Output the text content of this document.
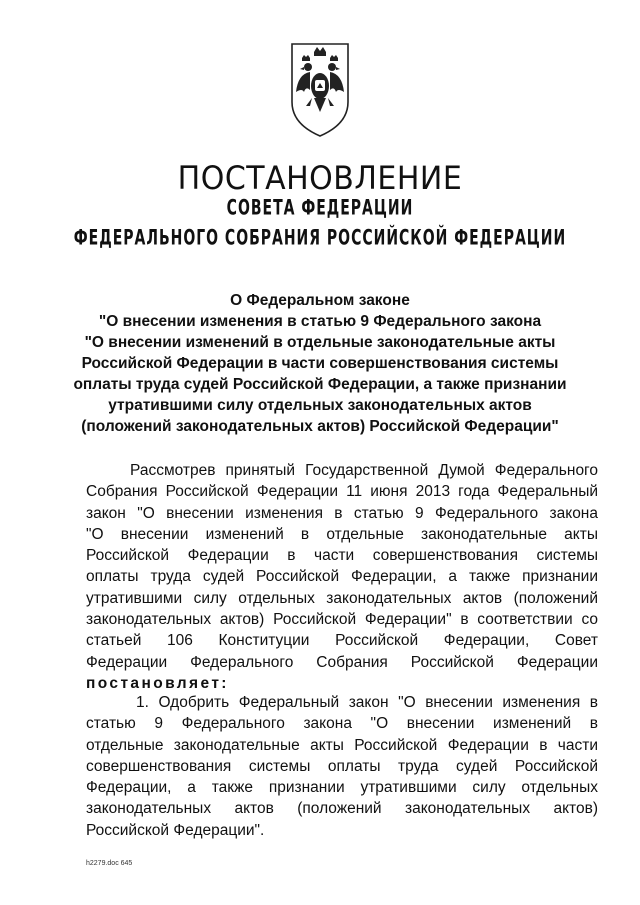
ПОСТАНОВЛЕНИЕ
СОВЕТА ФЕДЕРАЦИИ
ФЕДЕРАЛЬНОГО СОБРАНИЯ РОССИЙСКОЙ ФЕДЕРАЦИИ
О Федеральном законе
"О внесении изменения в статью 9 Федерального закона
"О внесении изменений в отдельные законодательные акты
Российской Федерации в части совершенствования системы
оплаты труда судей Российской Федерации, а также признании
утратившими силу отдельных законодательных актов
(положений законодательных актов) Российской Федерации"
Рассмотрев принятый Государственной Думой Федерального
Собрания Российской Федерации 11 июня 2013 года Федеральный
закон "О внесении изменения в статью 9 Федерального закона
"О внесении изменений в отдельные законодательные акты
Российской Федерации в части совершенствования системы
оплаты труда судей Российской Федерации, а также признании
утратившими силу отдельных законодательных актов (положений
законодательных актов) Российской Федерации" в соответствии со
статьей 106 Конституции Российской Федерации, Совет
Федерации Федерального Собрания Российской Федерации
постановляет:
1. Одобрить Федеральный закон "О внесении изменения в
статью 9 Федерального закона "О внесении изменений в
отдельные законодательные акты Российской Федерации в части
совершенствования системы оплаты труда судей Российской
Федерации, а также признании утратившими силу отдельных
законодательных актов (положений законодательных актов)
Российской Федерации".
h2279.doc 645
